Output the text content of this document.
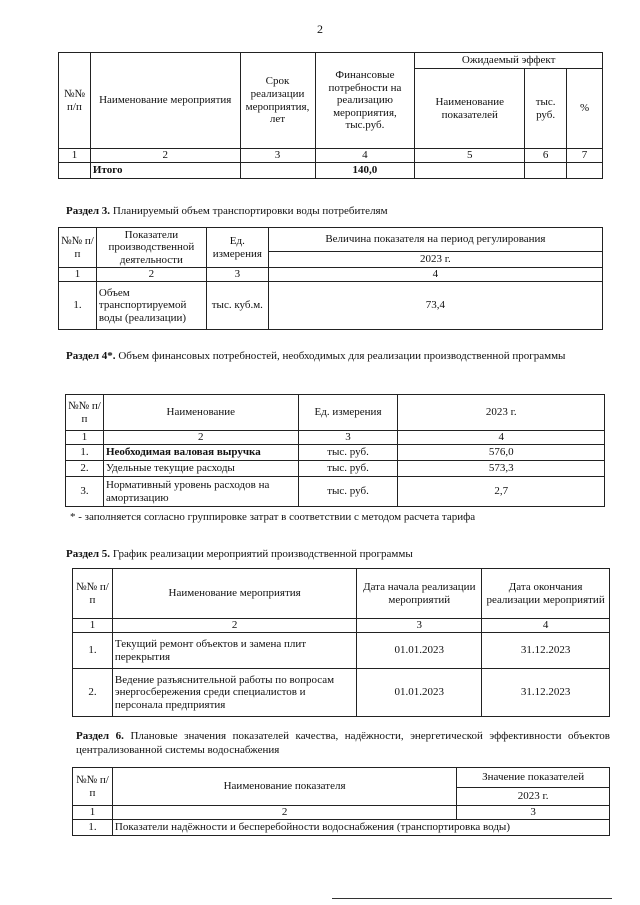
2
№№ п/п	Наименование мероприятия	Срок реализации мероприятия, лет	Финансовые потребности на реализацию мероприятия, тыс.руб.	Ожидаемый эффект		
				Наименование показателей	тыс. руб.	%
1	2	3	4	5	6	7
	Итого		140,0			
Раздел 3. Планируемый объем транспортировки воды потребителям
№№ п/п	Показатели производственной деятельности	Ед. измерения	Величина показателя на период регулирования
			2023 г.
1	2	3	4
1.	Объем транспортируемой воды (реализации)	тыс. куб.м.	73,4
Раздел 4*. Объем финансовых потребностей, необходимых для реализации производственной программы
№№ п/п	Наименование	Ед. измерения	2023 г.
1	2	3	4
1.	Необходимая валовая выручка	тыс. руб.	576,0
2.	Удельные текущие расходы	тыс. руб.	573,3
3.	Нормативный уровень расходов на амортизацию	тыс. руб.	2,7
* - заполняется согласно группировке затрат в соответствии с методом расчета тарифа
Раздел 5. График реализации мероприятий производственной программы
№№ п/п	Наименование мероприятия	Дата начала реализации мероприятий	Дата окончания реализации мероприятий
1	2	3	4
1.	Текущий ремонт объектов и замена плит перекрытия	01.01.2023	31.12.2023
2.	Ведение разъяснительной работы по вопросам энергосбережения среди специалистов и персонала предприятия	01.01.2023	31.12.2023
Раздел 6. Плановые значения показателей качества, надёжности, энергетической эффективности объектов централизованной системы водоснабжения
№№ п/п	Наименование показателя	Значение показателей
		2023 г.
1	2	3
1.	Показатели надёжности и бесперебойности водоснабжения (транспортировка воды)	
